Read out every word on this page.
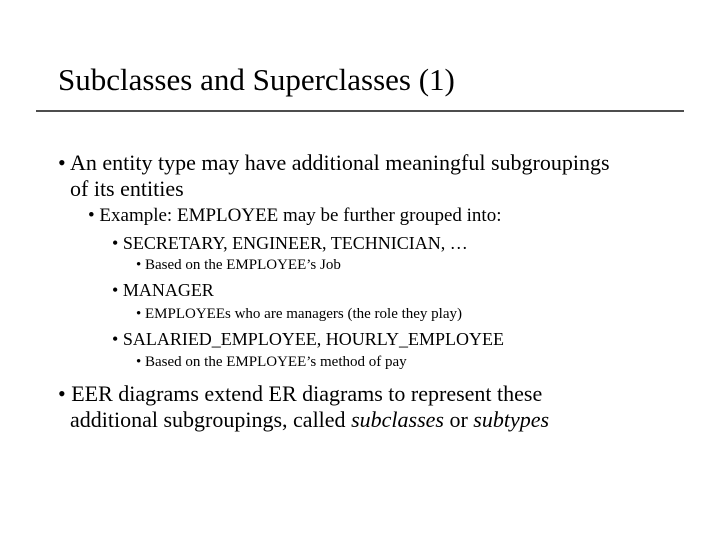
Subclasses and Superclasses (1)
• An entity type may have additional meaningful subgroupings
of its entities
• Example: EMPLOYEE may be further grouped into:
• SECRETARY, ENGINEER, TECHNICIAN, …
• Based on the EMPLOYEE’s Job
• MANAGER
• EMPLOYEEs who are managers (the role they play)
• SALARIED_EMPLOYEE, HOURLY_EMPLOYEE
• Based on the EMPLOYEE’s method of pay
• EER diagrams extend ER diagrams to represent these
additional subgroupings, called subclasses or subtypes
